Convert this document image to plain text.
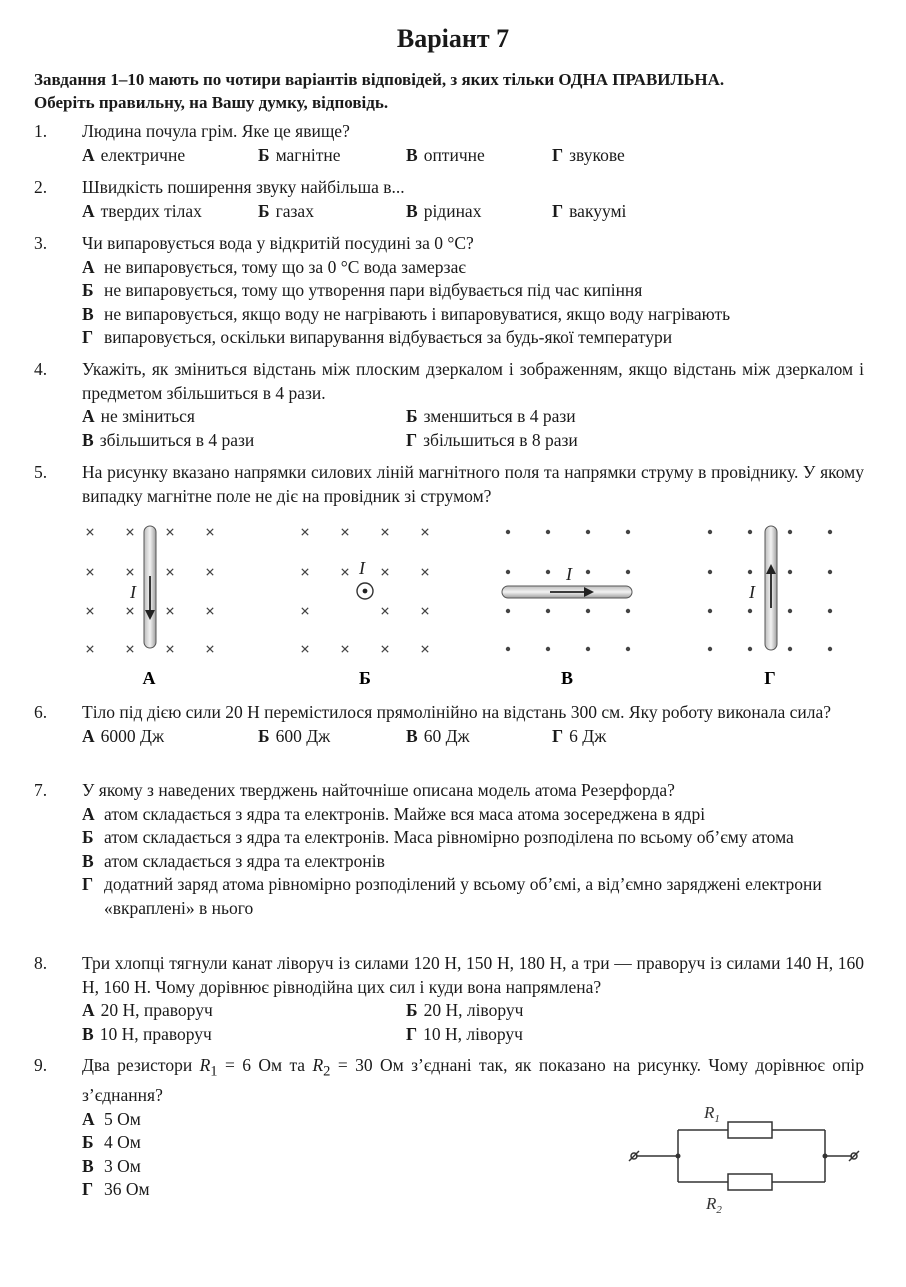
Варіант 7
Завдання 1–10 мають по чотири варіантів відповідей, з яких тільки ОДНА ПРАВИЛЬНА.
Оберіть правильну, на Вашу думку, відповідь.
1. Людина почула грім. Яке це явище?
А електричне	Б магнітне	В оптичне	Г звукове
2. Швидкість поширення звуку найбільша в...
А твердих тілах	Б газах	В рідинах	Г вакуумі
3. Чи випаровується вода у відкритій посудині за 0 °C?
А не випаровується, тому що за 0 °C вода замерзає
Б не випаровується, тому що утворення пари відбувається під час кипіння
В не випаровується, якщо воду не нагрівають і випаровуватися, якщо воду нагрівають
Г випаровується, оскільки випарування відбувається за будь-якої температури
4. Укажіть, як зміниться відстань між плоским дзеркалом і зображенням, якщо відстань між дзеркалом і предметом збільшиться в 4 рази.
А не зміниться	Б зменшиться в 4 рази
В збільшиться в 4 рази	Г збільшиться в 8 рази
5. На рисунку вказано напрямки силових ліній магнітного поля та напрямки струму в провіднику. У якому випадку магнітне поле не діє на провідник зі струмом?
I
I	I
I
А	Б	В	Г
6. Тіло під дією сили 20 Н перемістилося прямолінійно на відстань 300 см. Яку роботу виконала сила?
А 6000 Дж	Б 600 Дж	В 60 Дж	Г 6 Дж
7. У якому з наведених тверджень найточніше описана модель атома Резерфорда?
А атом складається з ядра та електронів. Майже вся маса атома зосереджена в ядрі
Б атом складається з ядра та електронів. Маса рівномірно розподілена по всьому об’єму атома
В атом складається з ядра та електронів
Г додатний заряд атома рівномірно розподілений у всьому об’ємі, а від’ємно заряджені електрони «вкраплені» в нього
8. Три хлопці тягнули канат ліворуч із силами 120 Н, 150 Н, 180 Н, а три — праворуч із силами 140 Н, 160 Н, 160 Н. Чому дорівнює рівнодійна цих сил і куди вона напрямлена?
А 20 Н, праворуч	Б 20 Н, ліворуч
В 10 Н, праворуч	Г 10 Н, ліворуч
9. Два резистори $R_1 = 6$ Ом та $R_2 = 30$ Ом з’єднані так, як показано на рисунку. Чому дорівнює опір з’єднання?
А 5 Ом
Б 4 Ом
В 3 Ом
Г 36 Ом
$R_1$
$R_2$
